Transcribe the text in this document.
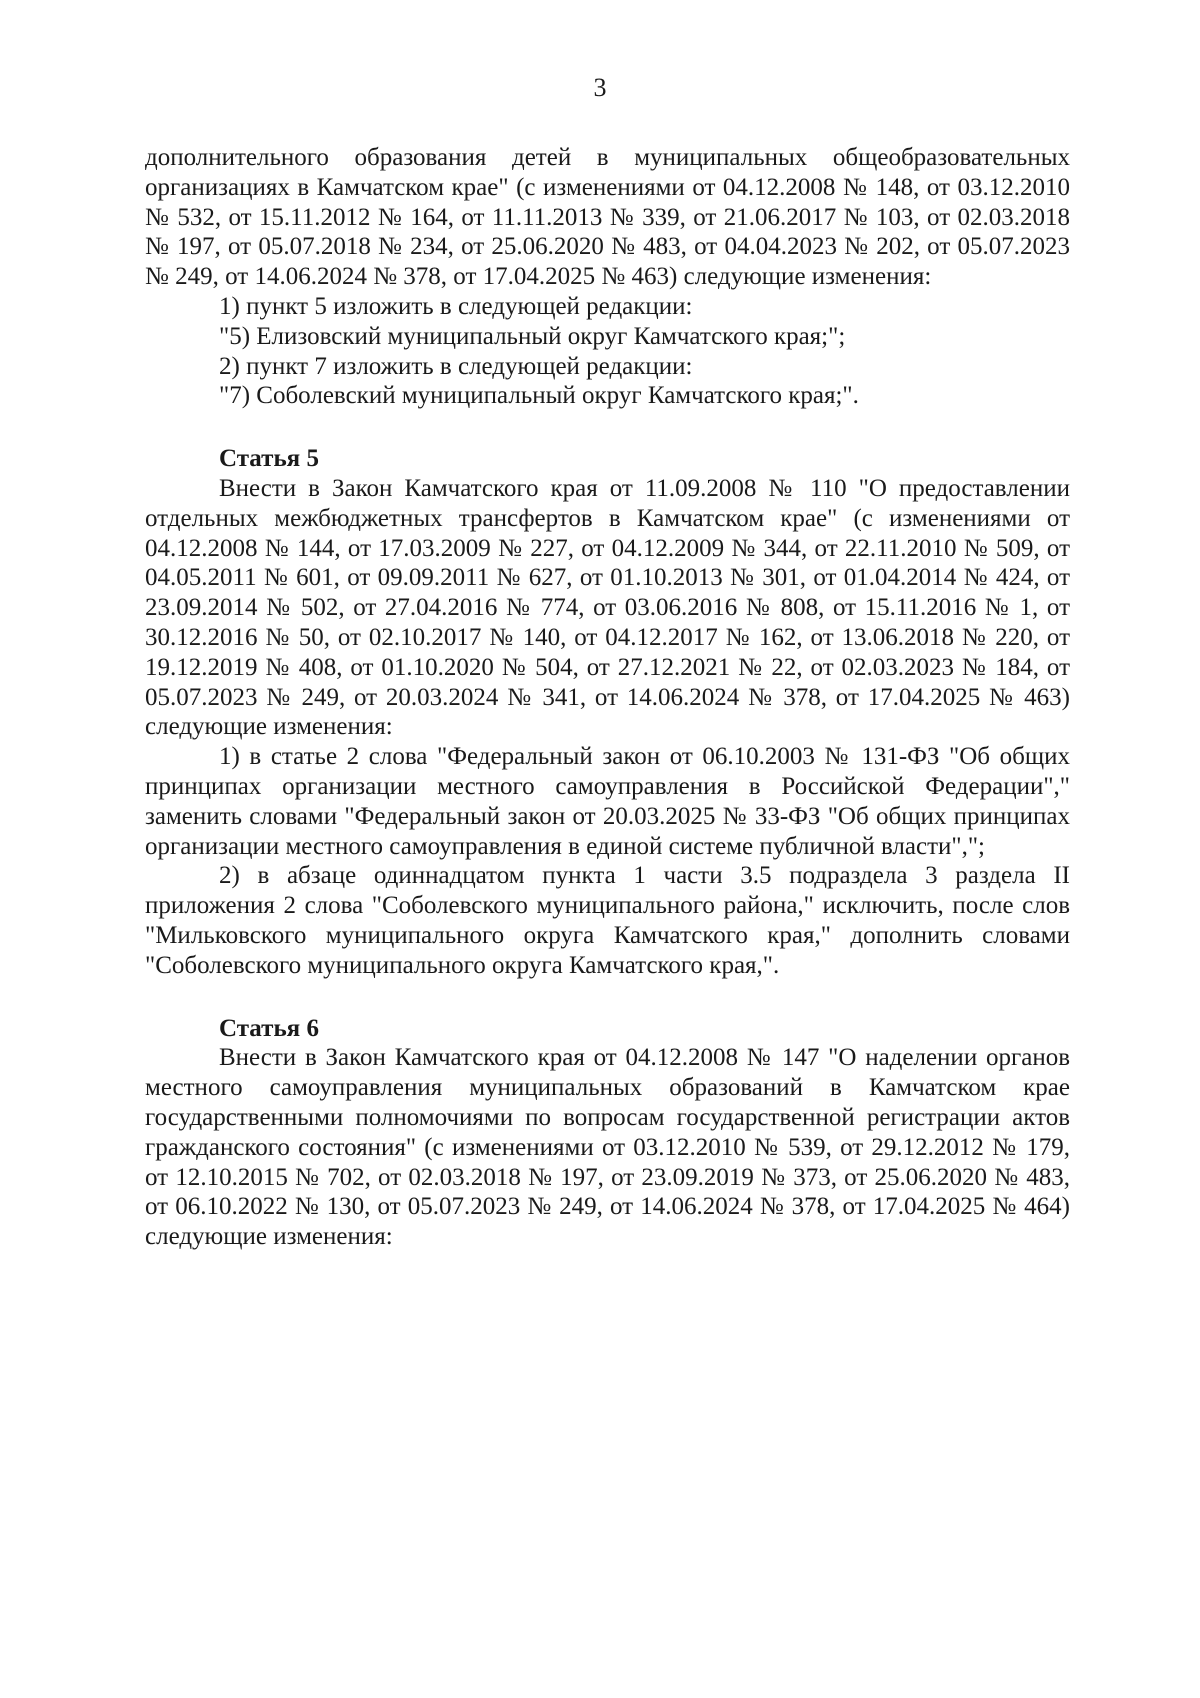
3

дополнительного образования детей в муниципальных общеобразовательных организациях в Камчатском крае" (с изменениями от 04.12.2008 № 148, от 03.12.2010 № 532, от 15.11.2012 № 164, от 11.11.2013 № 339, от 21.06.2017 № 103, от 02.03.2018 № 197, от 05.07.2018 № 234, от 25.06.2020 № 483, от 04.04.2023 № 202, от 05.07.2023 № 249, от 14.06.2024 № 378, от 17.04.2025 № 463) следующие изменения:

1) пункт 5 изложить в следующей редакции:

"5) Елизовский муниципальный округ Камчатского края;";

2) пункт 7 изложить в следующей редакции:

"7) Соболевский муниципальный округ Камчатского края;".

Статья 5

Внести в Закон Камчатского края от 11.09.2008 № 110 "О предоставлении отдельных межбюджетных трансфертов в Камчатском крае" (с изменениями от 04.12.2008 № 144, от 17.03.2009 № 227, от 04.12.2009 № 344, от 22.11.2010 № 509, от 04.05.2011 № 601, от 09.09.2011 № 627, от 01.10.2013 № 301, от 01.04.2014 № 424, от 23.09.2014 № 502, от 27.04.2016 № 774, от 03.06.2016 № 808, от 15.11.2016 № 1, от 30.12.2016 № 50, от 02.10.2017 № 140, от 04.12.2017 № 162, от 13.06.2018 № 220, от 19.12.2019 № 408, от 01.10.2020 № 504, от 27.12.2021 № 22, от 02.03.2023 № 184, от 05.07.2023 № 249, от 20.03.2024 № 341, от 14.06.2024 № 378, от 17.04.2025 № 463) следующие изменения:

1) в статье 2 слова "Федеральный закон от 06.10.2003 № 131-ФЗ "Об общих принципах организации местного самоуправления в Российской Федерации"," заменить словами "Федеральный закон от 20.03.2025 № 33-ФЗ "Об общих принципах организации местного самоуправления в единой системе публичной власти",";

2) в абзаце одиннадцатом пункта 1 части 3.5 подраздела 3 раздела II приложения 2 слова "Соболевского муниципального района," исключить, после слов "Мильковского муниципального округа Камчатского края," дополнить словами "Соболевского муниципального округа Камчатского края,".

Статья 6

Внести в Закон Камчатского края от 04.12.2008 № 147 "О наделении органов местного самоуправления муниципальных образований в Камчатском крае государственными полномочиями по вопросам государственной регистрации актов гражданского состояния" (с изменениями от 03.12.2010 № 539, от 29.12.2012 № 179, от 12.10.2015 № 702, от 02.03.2018 № 197, от 23.09.2019 № 373, от 25.06.2020 № 483, от 06.10.2022 № 130, от 05.07.2023 № 249, от 14.06.2024 № 378, от 17.04.2025 № 464) следующие изменения:
